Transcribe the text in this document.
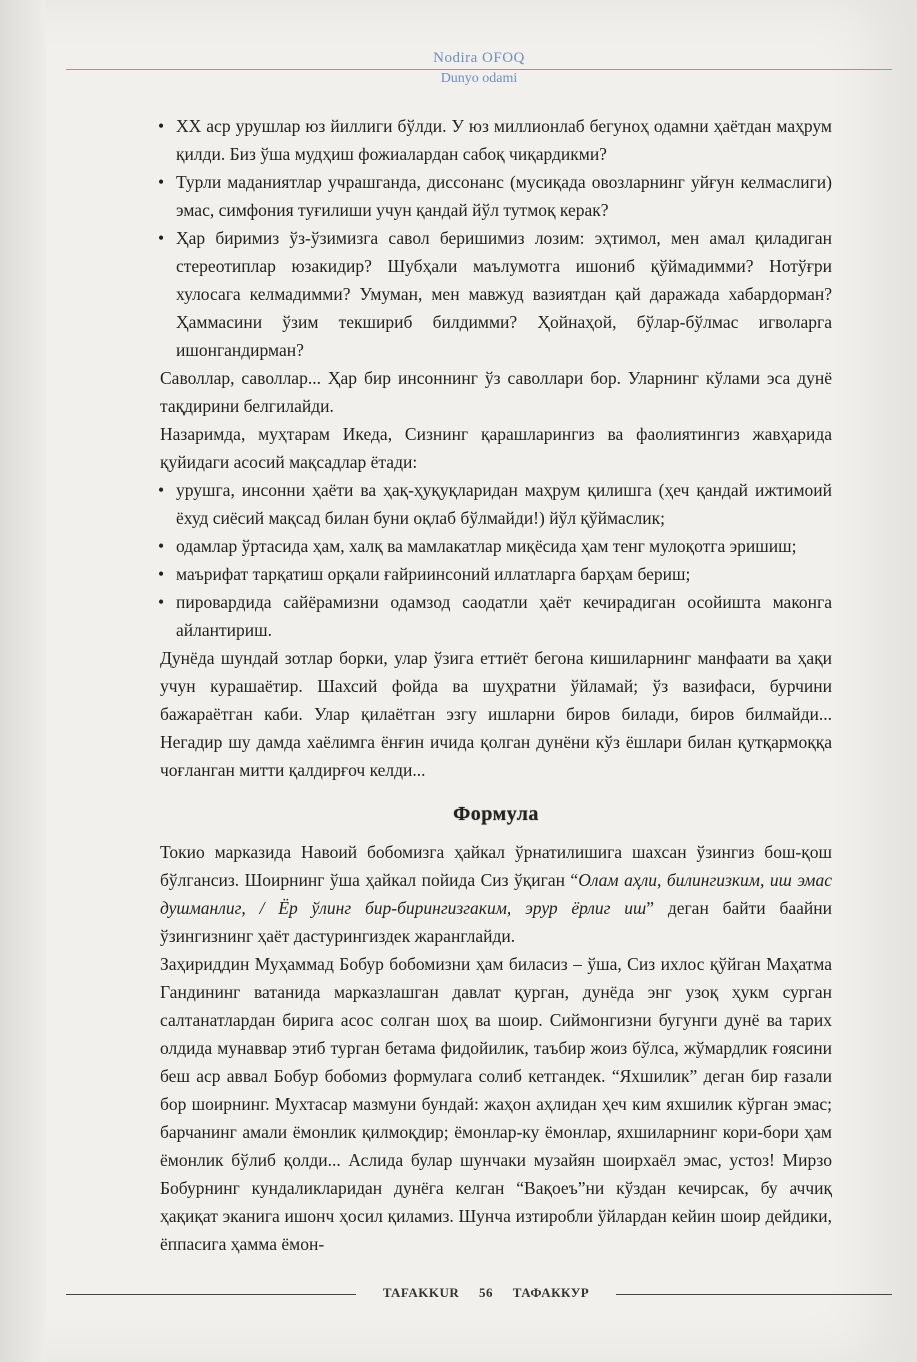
Nodira OFOQ
Dunyo odami
• XX аср урушлар юз йиллиги бўлди. У юз миллионлаб бегуноҳ одамни ҳаётдан маҳрум қилди. Биз ўша мудҳиш фожиалардан сабоқ чиқардикми?
• Турли маданиятлар учрашганда, диссонанс (мусиқада овозларнинг уйғун келмаслиги) эмас, симфония туғилиши учун қандай йўл тутмоқ керак?
• Ҳар биримиз ўз-ўзимизга савол беришимиз лозим: эҳтимол, мен амал қиладиган стереотиплар юзакидир? Шубҳали маълумотга ишониб қўймадимми? Нотўғри хулосага келмадимми? Умуман, мен мавжуд вазиятдан қай даражада хабардорман? Ҳаммасини ўзим текшириб билдимми? Ҳойнаҳой, бўлар-бўлмас игволарга ишонгандирман?

Саволлар, саволлар... Ҳар бир инсоннинг ўз саволлари бор. Уларнинг кўлами эса дунё тақдирини белгилайди.

Назаримда, муҳтарам Икеда, Сизнинг қарашларингиз ва фаолиятингиз жавҳарида қуйидаги асосий мақсадлар ётади:

• урушга, инсонни ҳаёти ва ҳақ-ҳуқуқларидан маҳрум қилишга (ҳеч қандай ижтимоий ёхуд сиёсий мақсад билан буни оқлаб бўлмайди!) йўл қўймаслик;
• одамлар ўртасида ҳам, халқ ва мамлакатлар миқёсида ҳам тенг мулоқотга эришиш;
• маърифат тарқатиш орқали ғайриинсоний иллатларга барҳам бериш;
• пировардида сайёрамизни одамзод саодатли ҳаёт кечирадиган осойишта маконга айлантириш.

Дунёда шундай зотлар борки, улар ўзига еттиёт бегона кишиларнинг манфаати ва ҳақи учун курашаётир. Шахсий фойда ва шуҳратни ўйламай; ўз вазифаси, бурчини бажараётган каби. Улар қилаётган эзгу ишларни биров билади, биров билмайди... Негадир шу дамда хаёлимга ёнғин ичида қолган дунёни кўз ёшлари билан қутқармоққа чоғланган митти қалдирғоч келди...

Формула

Токио марказида Навоий бобомизга ҳайкал ўрнатилишига шахсан ўзингиз бош-қош бўлгансиз. Шоирнинг ўша ҳайкал пойида Сиз ўқиган “Олам аҳли, билингизким, иш эмас душманлиг, / Ёр ўлинг бир-бирингизгаким, эрур ёрлиг иш” деган байти баайни ўзингизнинг ҳаёт дастурингиздек жаранглайди.

Заҳириддин Муҳаммад Бобур бобомизни ҳам биласиз – ўша, Сиз ихлос қўйган Маҳатма Гандининг ватанида марказлашган давлат қурган, дунёда энг узоқ ҳукм сурган салтанатлардан бирига асос солган шоҳ ва шоир. Сиймонгизни бугунги дунё ва тарих олдида мунаввар этиб турган бетама фидойилик, таъбир жоиз бўлса, жўмардлик ғоясини беш аср аввал Бобур бобомиз формулага солиб кетгандек. “Яхшилик” деган бир ғазали бор шоирнинг. Мухтасар мазмуни бундай: жаҳон аҳлидан ҳеч ким яхшилик кўрган эмас; барчанинг амали ёмонлик қилмоқдир; ёмонлар-ку ёмонлар, яхшиларнинг кори-бори ҳам ёмонлик бўлиб қолди... Аслида булар шунчаки музайян шоирхаёл эмас, устоз! Мирзо Бобурнинг кундаликларидан дунёга келган “Вақоеъ”ни кўздан кечирсак, бу аччиқ ҳақиқат эканига ишонч ҳосил қиламиз. Шунча изтиробли ўйлардан кейин шоир дейдики, ёппасига ҳамма ёмон-

TAFAKKUR 56 ТАФАККУР
